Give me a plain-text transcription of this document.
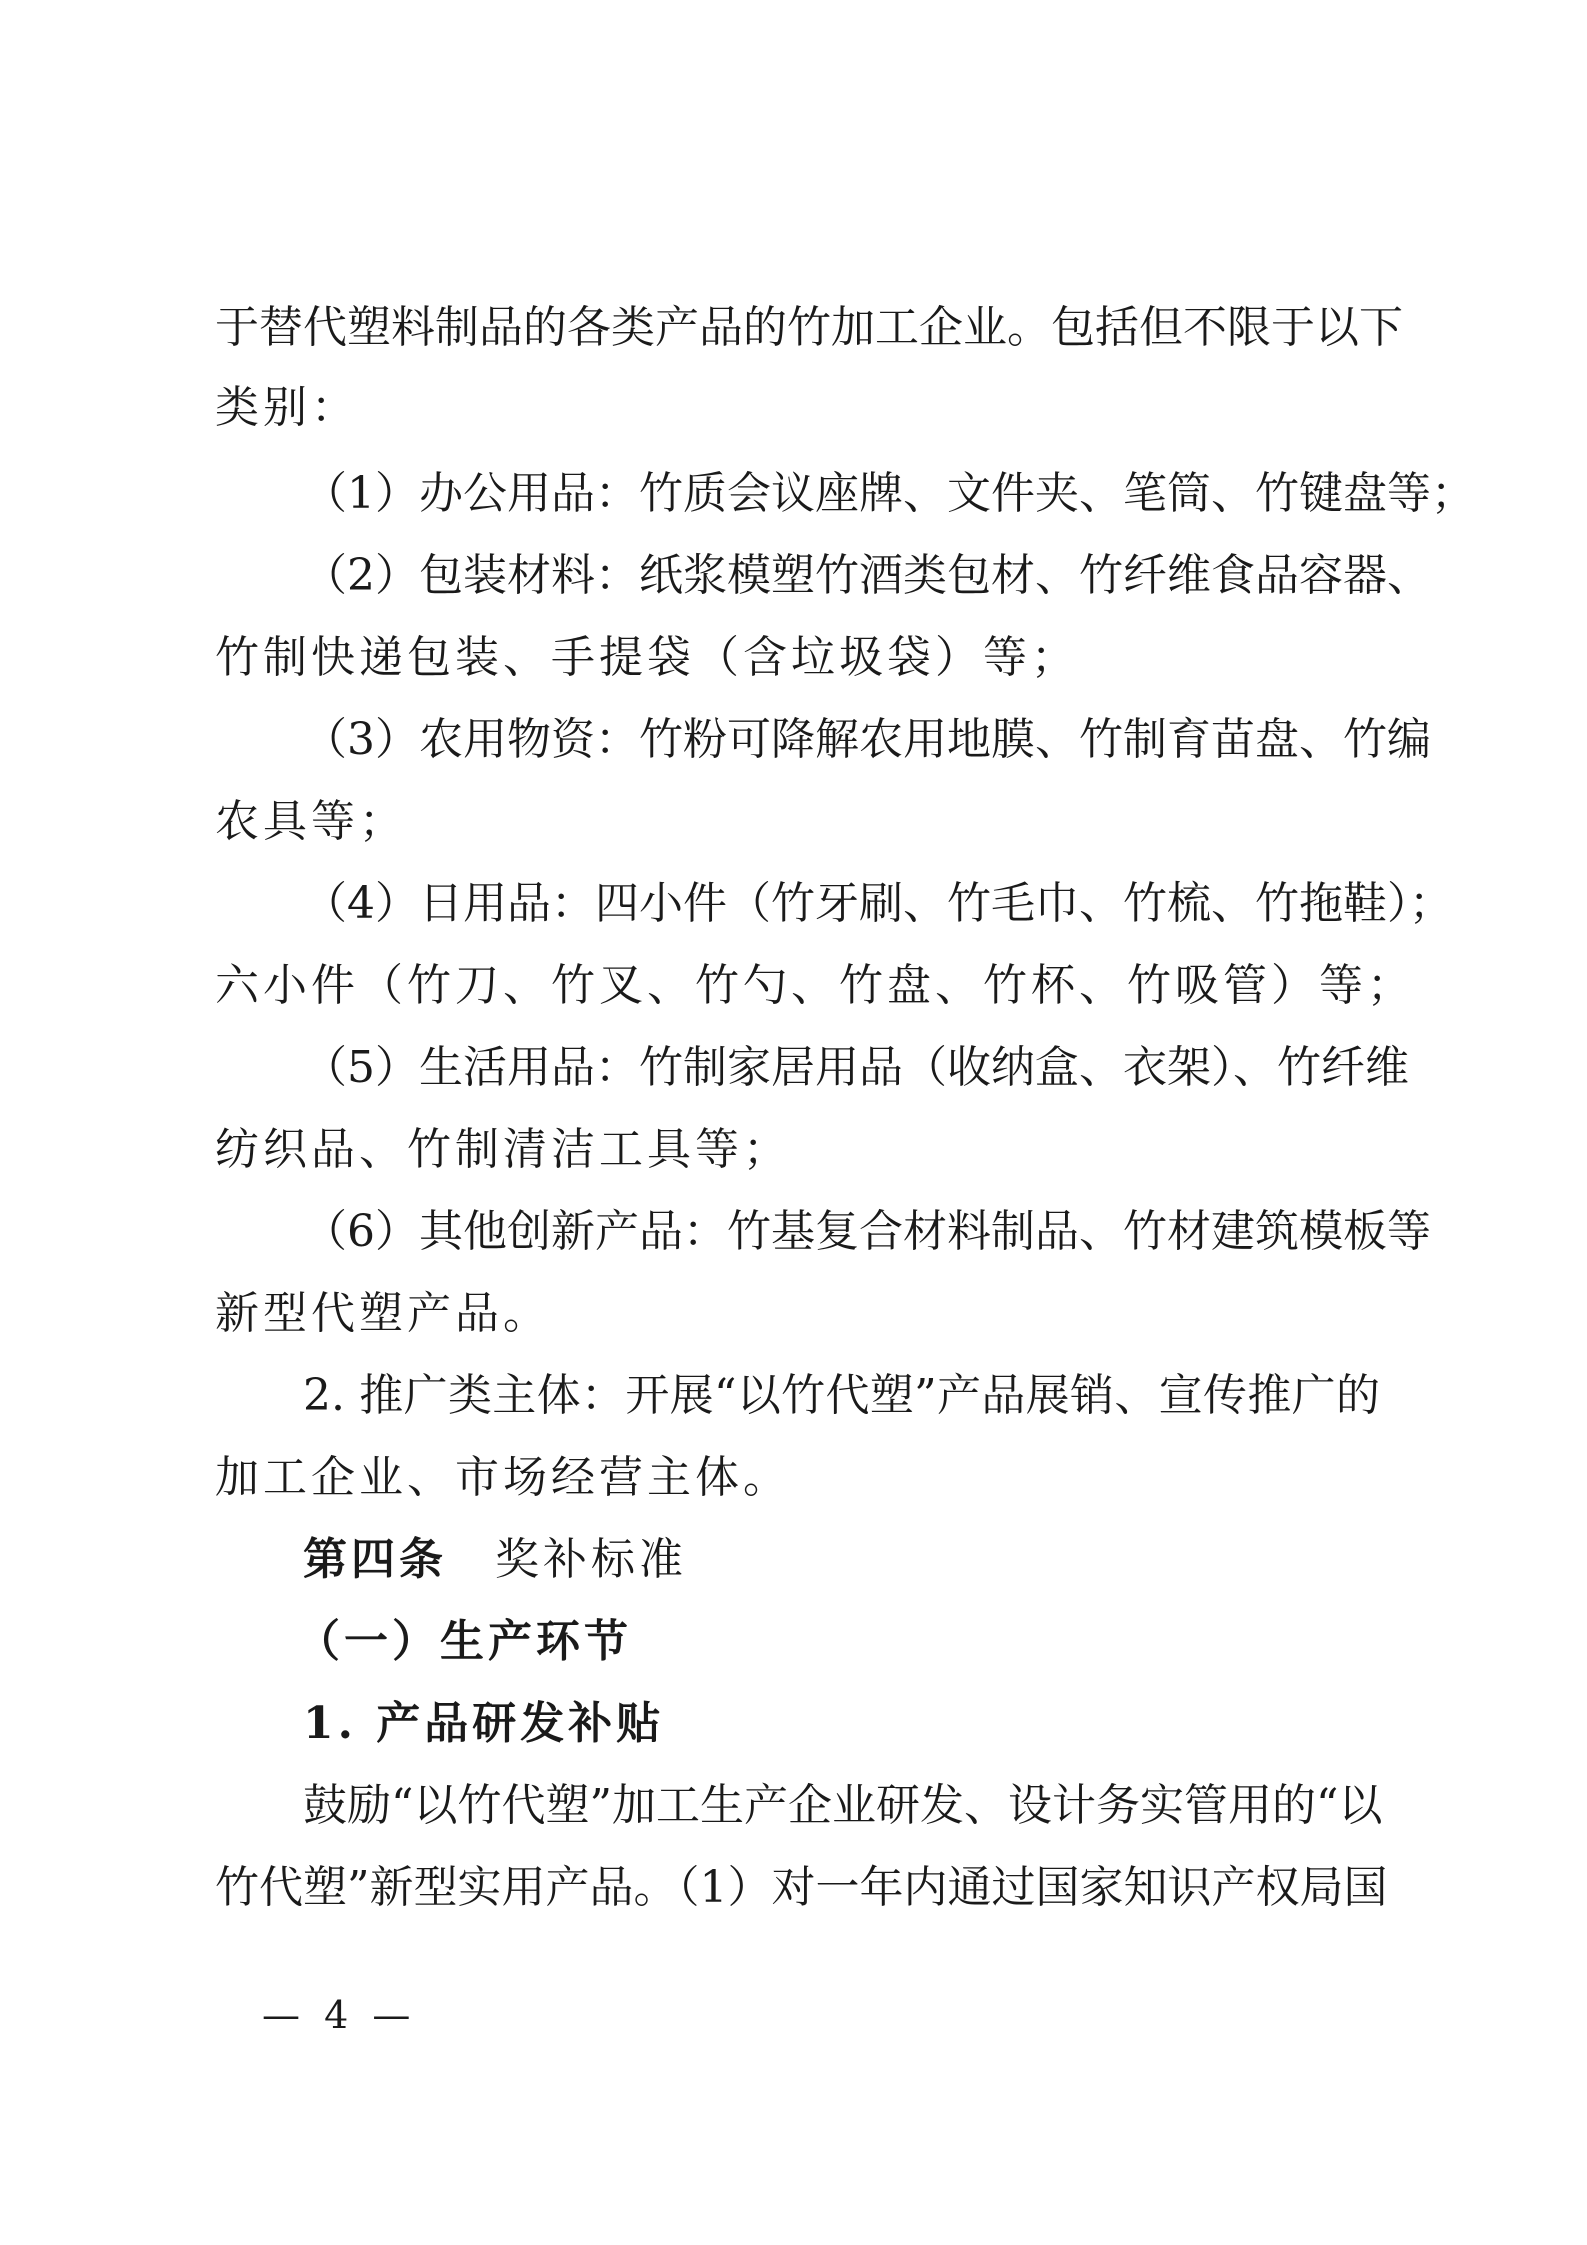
于替代塑料制品的各类产品的竹加工企业。包括但不限于以下
类别：
（1）办公用品：竹质会议座牌、文件夹、笔筒、竹键盘等；
（2）包装材料：纸浆模塑竹酒类包材、竹纤维食品容器、
竹制快递包装、手提袋（含垃圾袋）等；
（3）农用物资：竹粉可降解农用地膜、竹制育苗盘、竹编
农具等；
（4）日用品：四小件（竹牙刷、竹毛巾、竹梳、竹拖鞋）；
六小件（竹刀、竹叉、竹勺、竹盘、竹杯、竹吸管）等；
（5）生活用品：竹制家居用品（收纳盒、衣架）、竹纤维
纺织品、竹制清洁工具等；
（6）其他创新产品：竹基复合材料制品、竹材建筑模板等
新型代塑产品。
2. 推广类主体：开展“以竹代塑”产品展销、宣传推广的
加工企业、市场经营主体。
第四条 奖补标准
（一）生产环节
1. 产品研发补贴
鼓励“以竹代塑”加工生产企业研发、设计务实管用的“以
竹代塑”新型实用产品。（1）对一年内通过国家知识产权局国
— 4 —
